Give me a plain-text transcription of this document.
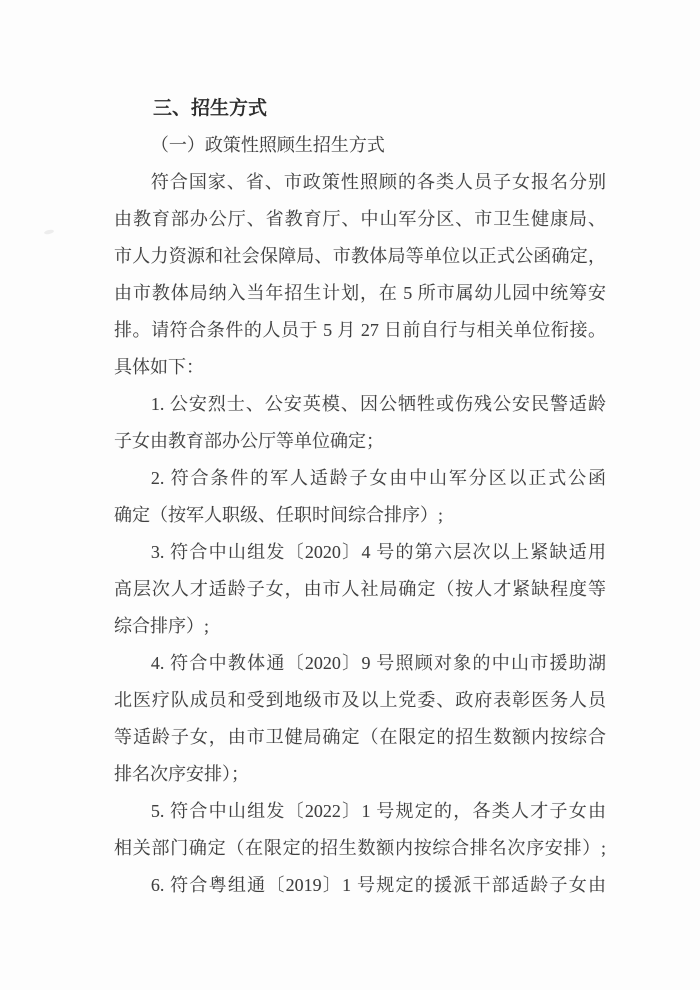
三、招生方式
（一）政策性照顾生招生方式
符合国家、省、市政策性照顾的各类人员子女报名分别
由教育部办公厅、省教育厅、中山军分区、市卫生健康局、
市人力资源和社会保障局、市教体局等单位以正式公函确定，
由市教体局纳入当年招生计划，在 5 所市属幼儿园中统筹安
排。请符合条件的人员于 5 月 27 日前自行与相关单位衔接。
具体如下：
1. 公安烈士、公安英模、因公牺牲或伤残公安民警适龄
子女由教育部办公厅等单位确定；
2. 符合条件的军人适龄子女由中山军分区以正式公函
确定（按军人职级、任职时间综合排序）;
3. 符合中山组发〔2020〕4 号的第六层次以上紧缺适用
高层次人才适龄子女，由市人社局确定（按人才紧缺程度等
综合排序）;
4. 符合中教体通〔2020〕9 号照顾对象的中山市援助湖
北医疗队成员和受到地级市及以上党委、政府表彰医务人员
等适龄子女，由市卫健局确定（在限定的招生数额内按综合
排名次序安排）；
5. 符合中山组发〔2022〕1 号规定的，各类人才子女由
相关部门确定（在限定的招生数额内按综合排名次序安排）;
6. 符合粤组通〔2019〕1 号规定的援派干部适龄子女由
